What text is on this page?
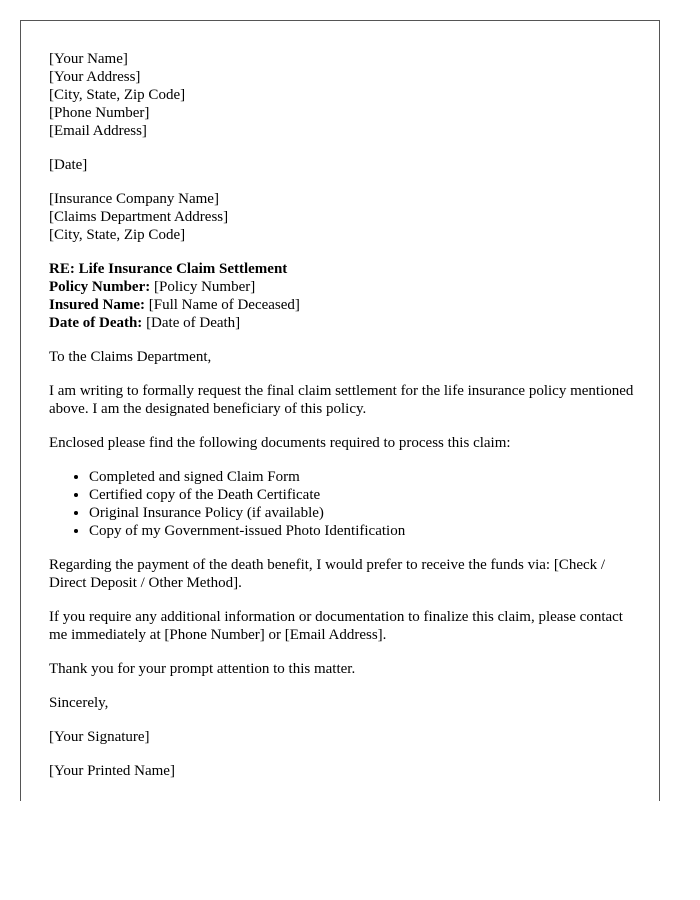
[Your Name]
[Your Address]
[City, State, Zip Code]
[Phone Number]
[Email Address]
[Date]
[Insurance Company Name]
[Claims Department Address]
[City, State, Zip Code]
RE: Life Insurance Claim Settlement
Policy Number: [Policy Number]
Insured Name: [Full Name of Deceased]
Date of Death: [Date of Death]

To the Claims Department,

I am writing to formally request the final claim settlement for the life insurance policy mentioned above. I am the designated beneficiary of this policy.

Enclosed please find the following documents required to process this claim:

• Completed and signed Claim Form
• Certified copy of the Death Certificate
• Original Insurance Policy (if available)
• Copy of my Government-issued Photo Identification

Regarding the payment of the death benefit, I would prefer to receive the funds via: [Check / Direct Deposit / Other Method].

If you require any additional information or documentation to finalize this claim, please contact me immediately at [Phone Number] or [Email Address].

Thank you for your prompt attention to this matter.

Sincerely,

[Your Signature]

[Your Printed Name]
